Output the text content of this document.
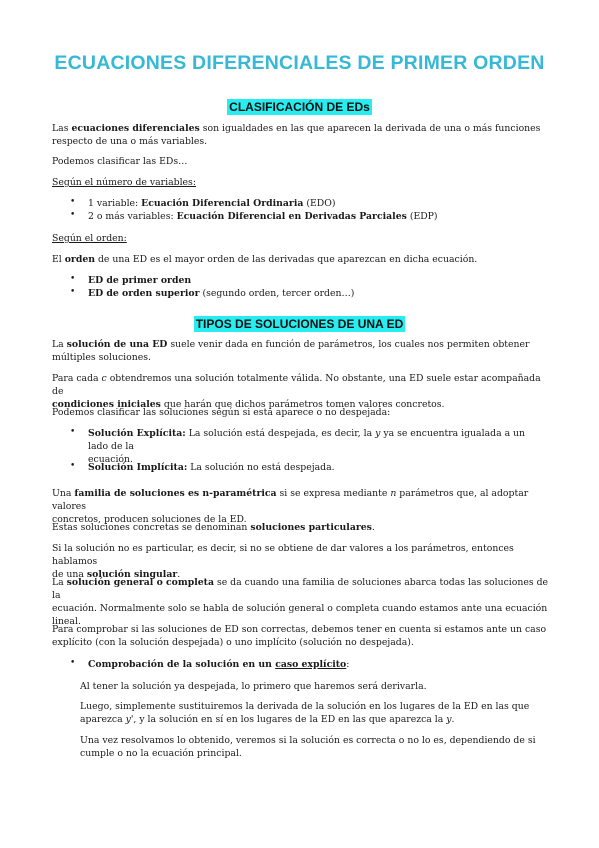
ECUACIONES DIFERENCIALES DE PRIMER ORDEN
CLASIFICACIÓN DE EDs
Las ecuaciones diferenciales son igualdades en las que aparecen la derivada de una o más funciones
respecto de una o más variables.
Podemos clasificar las EDs…
Según el número de variables:
• 1 variable: Ecuación Diferencial Ordinaria (EDO)
• 2 o más variables: Ecuación Diferencial en Derivadas Parciales (EDP)
Según el orden:
El orden de una ED es el mayor orden de las derivadas que aparezcan en dicha ecuación.
• ED de primer orden
• ED de orden superior (segundo orden, tercer orden…)
TIPOS DE SOLUCIONES DE UNA ED
La solución de una ED suele venir dada en función de parámetros, los cuales nos permiten obtener
múltiples soluciones.
Para cada c obtendremos una solución totalmente válida. No obstante, una ED suele estar acompañada de
condiciones iniciales que harán que dichos parámetros tomen valores concretos.
Podemos clasificar las soluciones según si esta aparece o no despejada:
• Solución Explícita: La solución está despejada, es decir, la y ya se encuentra igualada a un lado de la
ecuación.
• Solución Implícita: La solución no está despejada.
Una familia de soluciones es n-paramétrica si se expresa mediante n parámetros que, al adoptar valores
concretos, producen soluciones de la ED.
Estas soluciones concretas se denominan soluciones particulares.
Si la solución no es particular, es decir, si no se obtiene de dar valores a los parámetros, entonces hablamos
de una solución singular.
La solución general o completa se da cuando una familia de soluciones abarca todas las soluciones de la
ecuación. Normalmente solo se habla de solución general o completa cuando estamos ante una ecuación
lineal.
Para comprobar si las soluciones de ED son correctas, debemos tener en cuenta si estamos ante un caso
explícito (con la solución despejada) o uno implícito (solución no despejada).
• Comprobación de la solución en un caso explícito:
Al tener la solución ya despejada, lo primero que haremos será derivarla.
Luego, simplemente sustituiremos la derivada de la solución en los lugares de la ED en las que
aparezca y', y la solución en sí en los lugares de la ED en las que aparezca la y.
Una vez resolvamos lo obtenido, veremos si la solución es correcta o no lo es, dependiendo de si
cumple o no la ecuación principal.
